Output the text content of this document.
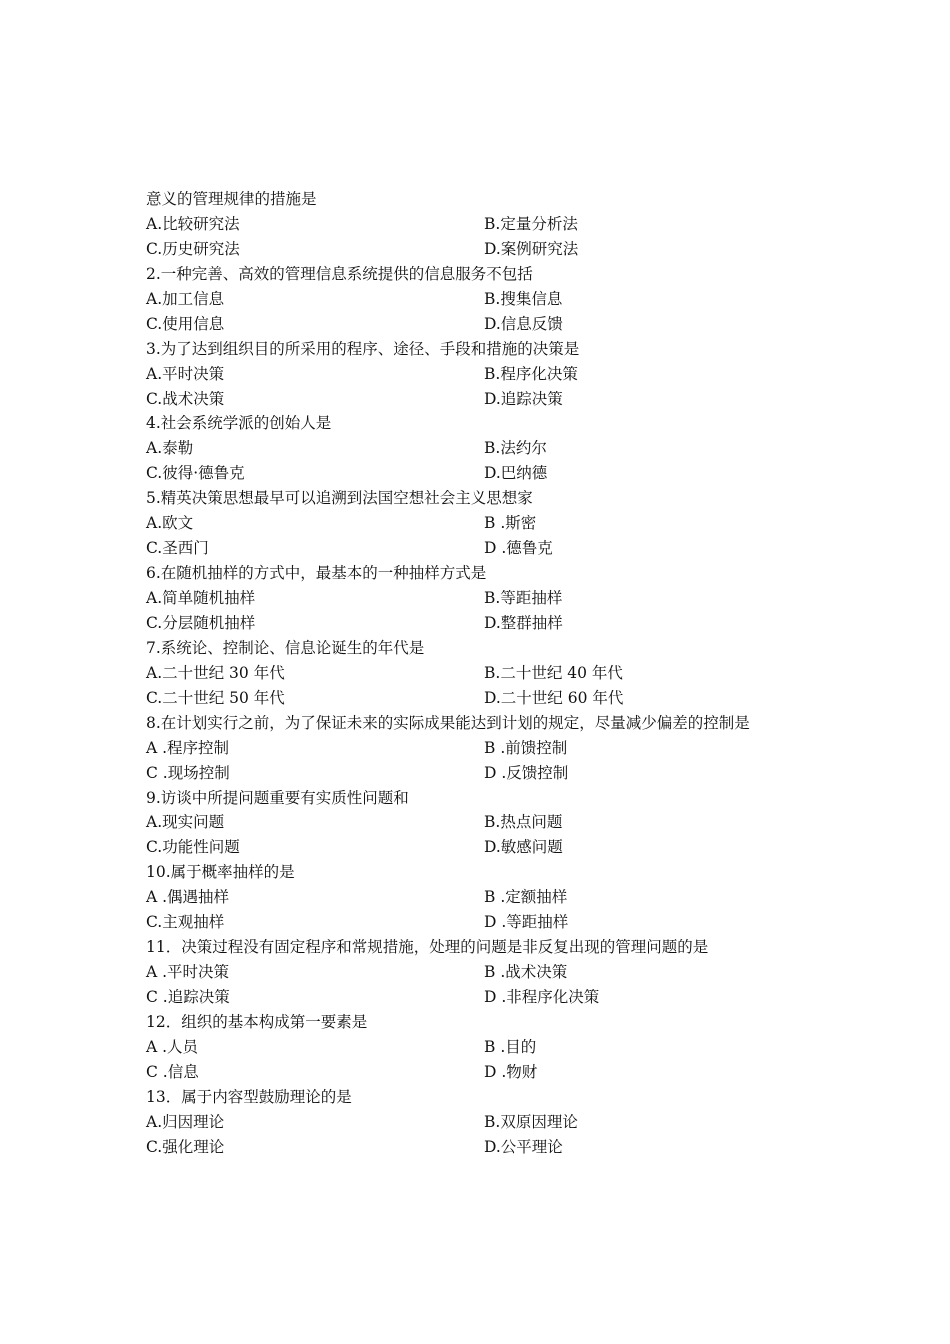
意义的管理规律的措施是
A.比较研究法	B.定量分析法
C.历史研究法	D.案例研究法
2.一种完善、高效的管理信息系统提供的信息服务不包括
A.加工信息	B.搜集信息
C.使用信息	D.信息反馈
3.为了达到组织目的所采用的程序、途径、手段和措施的决策是
A.平时决策	B.程序化决策
C.战术决策	D.追踪决策
4.社会系统学派的创始人是
A.泰勒	B.法约尔
C.彼得·德鲁克	D.巴纳德
5.精英决策思想最早可以追溯到法国空想社会主义思想家
A.欧文	B .斯密
C.圣西门	D .德鲁克
6.在随机抽样的方式中，最基本的一种抽样方式是
A.简单随机抽样	B.等距抽样
C.分层随机抽样	D.整群抽样
7.系统论、控制论、信息论诞生的年代是
A.二十世纪 30 年代	B.二十世纪 40 年代
C.二十世纪 50 年代	D.二十世纪 60 年代
8.在计划实行之前，为了保证未来的实际成果能达到计划的规定，尽量减少偏差的控制是
A .程序控制	B .前馈控制
C .现场控制	D .反馈控制
9.访谈中所提问题重要有实质性问题和
A.现实问题	B.热点问题
C.功能性问题	D.敏感问题
10.属于概率抽样的是
A .偶遇抽样	B .定额抽样
C.主观抽样	D .等距抽样
11．决策过程没有固定程序和常规措施，处理的问题是非反复出现的管理问题的是
A .平时决策	B .战术决策
C .追踪决策	D .非程序化决策
12．组织的基本构成第一要素是
A .人员	B .目的
C .信息	D .物财
13．属于内容型鼓励理论的是
A.归因理论	B.双原因理论
C.强化理论	D.公平理论
